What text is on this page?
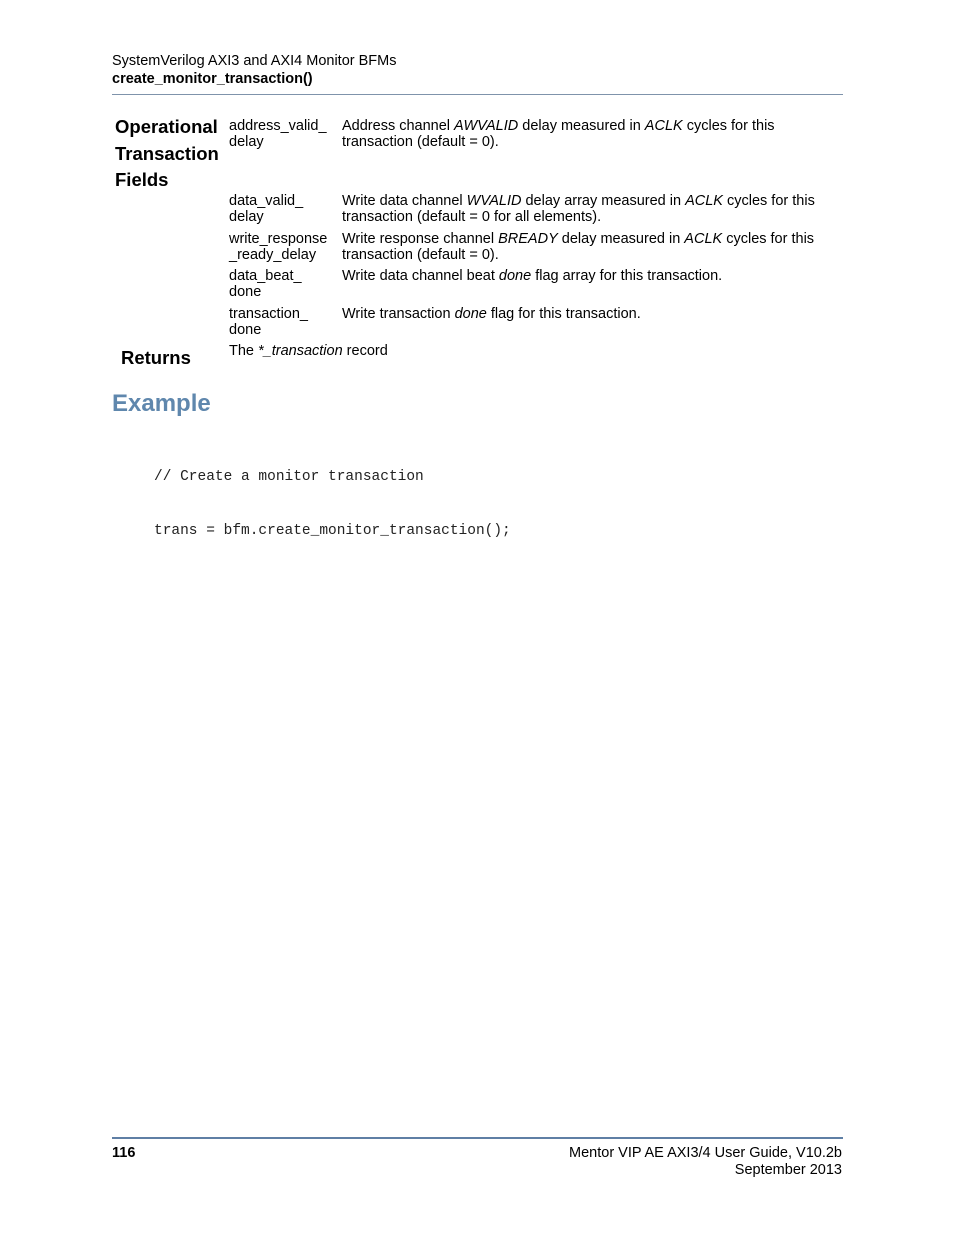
SystemVerilog AXI3 and AXI4 Monitor BFMs
create_monitor_transaction()
Operational
Transaction
Fields
address_valid_
delay
Address channel AWVALID delay measured in ACLK cycles for this transaction (default = 0).
data_valid_
delay
Write data channel WVALID delay array measured in ACLK cycles for this transaction (default = 0 for all elements).
write_response
_ready_delay
Write response channel BREADY delay measured in ACLK cycles for this transaction (default = 0).
data_beat_
done
Write data channel beat done flag array for this transaction.
transaction_
done
Write transaction done flag for this transaction.
Returns	The *_transaction record
Example

// Create a monitor transaction

trans = bfm.create_monitor_transaction();

116	Mentor VIP AE AXI3/4 User Guide, V10.2b
September 2013
